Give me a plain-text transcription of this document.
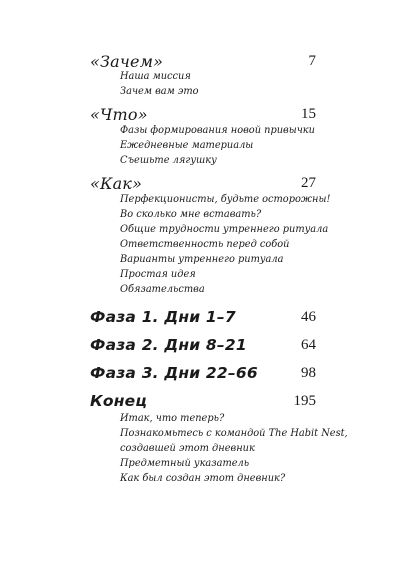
«Зачем»	7
Наша миссия
Зачем вам это
«Что»	15
Фазы формирования новой привычки
Ежедневные материалы
Съешьте лягушку
«Как»	27
Перфекционисты, будьте осторожны!
Во сколько мне вставать?
Общие трудности утреннего ритуала
Ответственность перед собой
Варианты утреннего ритуала
Простая идея
Обязательства
Фаза 1. Дни 1–7	46
Фаза 2. Дни 8–21	64
Фаза 3. Дни 22–66	98
Конец	195
Итак, что теперь?
Познакомьтесь с командой The Habit Nest,
создавшей этот дневник
Предметный указатель
Как был создан этот дневник?
